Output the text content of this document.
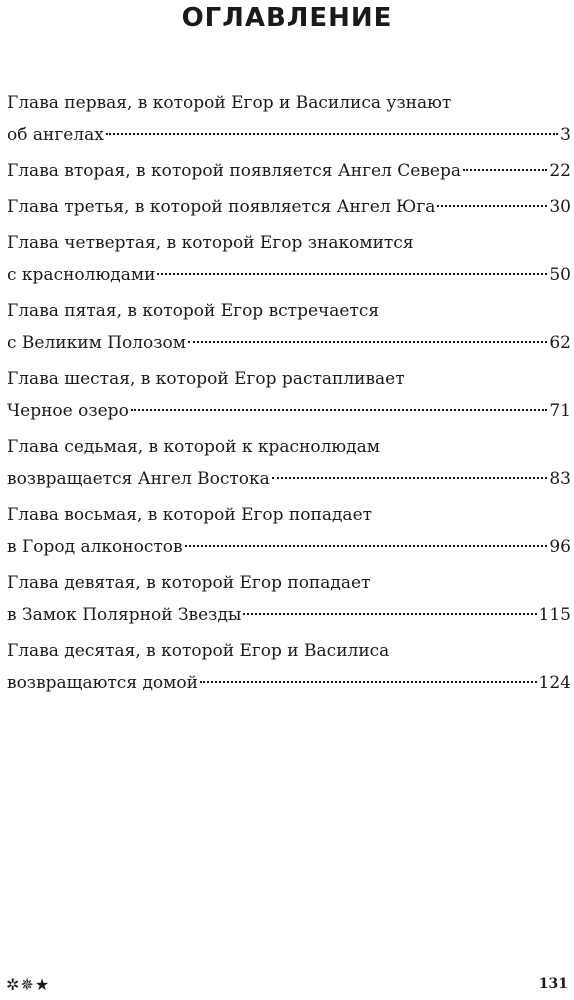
ОГЛАВЛЕНИЕ
Глава первая, в которой Егор и Василиса узнают
об ангелах	3
Глава вторая, в которой появляется Ангел Севера	22
Глава третья, в которой появляется Ангел Юга	30
Глава четвертая, в которой Егор знакомится
с краснолюдами	50
Глава пятая, в которой Егор встречается
с Великим Полозом	62
Глава шестая, в которой Егор растапливает
Черное озеро	71
Глава седьмая, в которой к краснолюдам
возвращается Ангел Востока	83
Глава восьмая, в которой Егор попадает
в Город алконостов	96
Глава девятая, в которой Егор попадает
в Замок Полярной Звезды	115
Глава десятая, в которой Егор и Василиса
возвращаются домой	124
✲✵★	131
